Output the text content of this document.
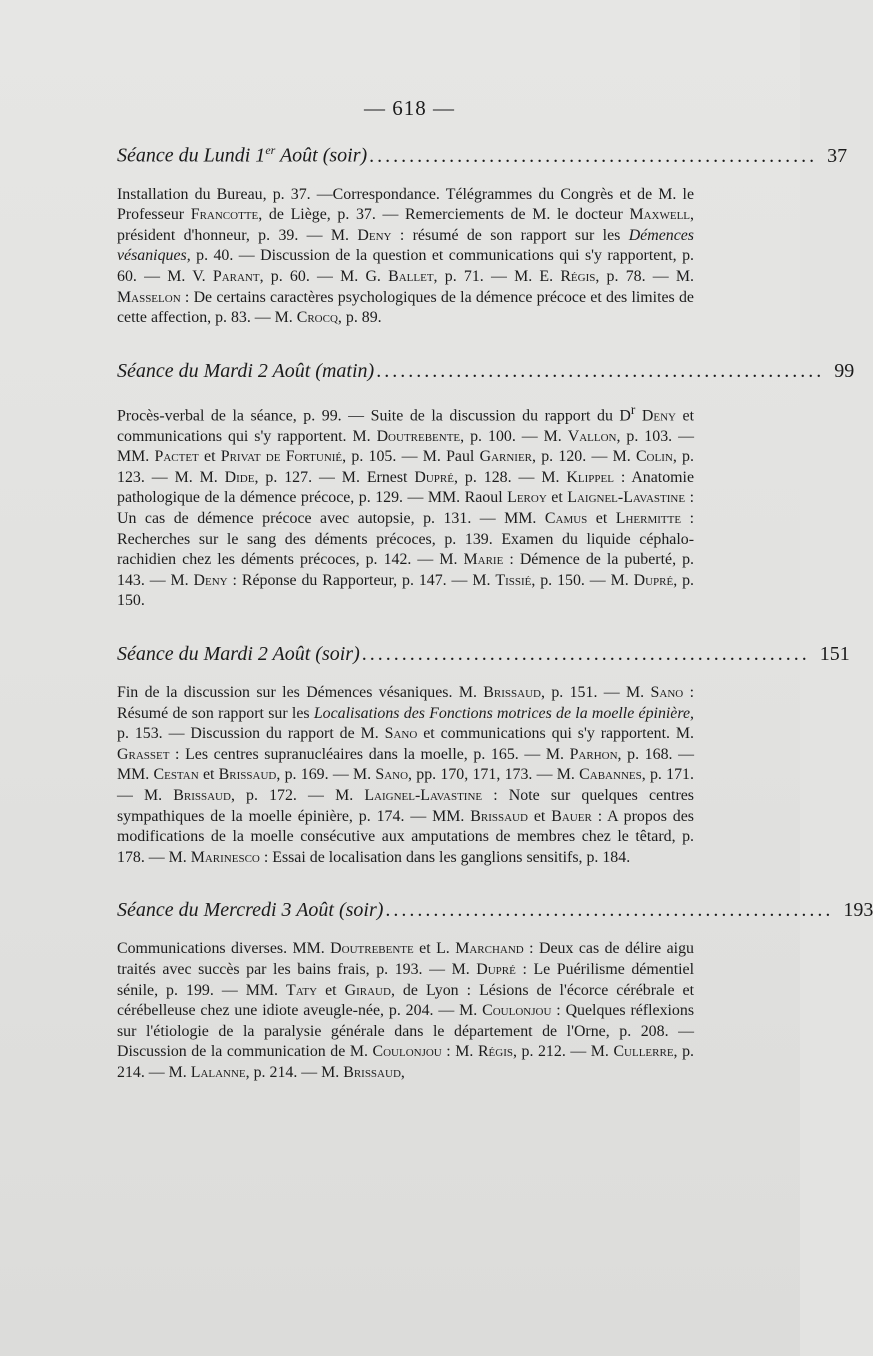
— 618 —
Séance du Lundi 1er Août (soir) ........................................................ 37
Installation du Bureau, p. 37. —Correspondance. Télégrammes du Congrès et de M. le Professeur Francotte, de Liège, p. 37. — Remerciements de M. le docteur Maxwell, président d'honneur, p. 39. — M. Deny : résumé de son rapport sur les Démences vésaniques, p. 40. — Discussion de la question et communications qui s'y rapportent, p. 60. — M. V. Parant, p. 60. — M. G. Ballet, p. 71. — M. E. Régis, p. 78. — M. Masselon : De certains caractères psychologiques de la démence précoce et des limites de cette affection, p. 83. — M. Crocq, p. 89.
Séance du Mardi 2 Août (matin) ........................................................ 99
Procès-verbal de la séance, p. 99. — Suite de la discussion du rapport du $D^r$ Deny et communications qui s'y rapportent. M. Doutrebente, p. 100. — M. Vallon, p. 103. — MM. Pactet et Privat de Fortunié, p. 105. — M. Paul Garnier, p. 120. — M. Colin, p. 123. — M. M. Dide, p. 127. — M. Ernest Dupré, p. 128. — M. Klippel : Anatomie pathologique de la démence précoce, p. 129. — MM. Raoul Leroy et Laignel-Lavastine : Un cas de démence précoce avec autopsie, p. 131. — MM. Camus et Lhermitte : Recherches sur le sang des déments précoces, p. 139. Examen du liquide céphalo-rachidien chez les déments précoces, p. 142. — M. Marie : Démence de la puberté, p. 143. — M. Deny : Réponse du Rapporteur, p. 147. — M. Tissié, p. 150. — M. Dupré, p. 150.
Séance du Mardi 2 Août (soir) ........................................................ 151
Fin de la discussion sur les Démences vésaniques. M. Brissaud, p. 151. — M. Sano : Résumé de son rapport sur les Localisations des Fonctions motrices de la moelle épinière, p. 153. — Discussion du rapport de M. Sano et communications qui s'y rapportent. M. Grasset : Les centres supranucléaires dans la moelle, p. 165. — M. Parhon, p. 168. — MM. Cestan et Brissaud, p. 169. — M. Sano, pp. 170, 171, 173. — M. Cabannes, p. 171. — M. Brissaud, p. 172. — M. Laignel-Lavastine : Note sur quelques centres sympathiques de la moelle épinière, p. 174. — MM. Brissaud et Bauer : A propos des modifications de la moelle consécutive aux amputations de membres chez le têtard, p. 178. — M. Marinesco : Essai de localisation dans les ganglions sensitifs, p. 184.
Séance du Mercredi 3 Août (soir) ........................................................ 193
Communications diverses. MM. Doutrebente et L. Marchand : Deux cas de délire aigu traités avec succès par les bains frais, p. 193. — M. Dupré : Le Puérilisme démentiel sénile, p. 199. — MM. Taty et Giraud, de Lyon : Lésions de l'écorce cérébrale et cérébelleuse chez une idiote aveugle-née, p. 204. — M. Coulonjou : Quelques réflexions sur l'étiologie de la paralysie générale dans le département de l'Orne, p. 208. — Discussion de la communication de M. Coulonjou : M. Régis, p. 212. — M. Cullerre, p. 214. — M. Lalanne, p. 214. — M. Brissaud,
